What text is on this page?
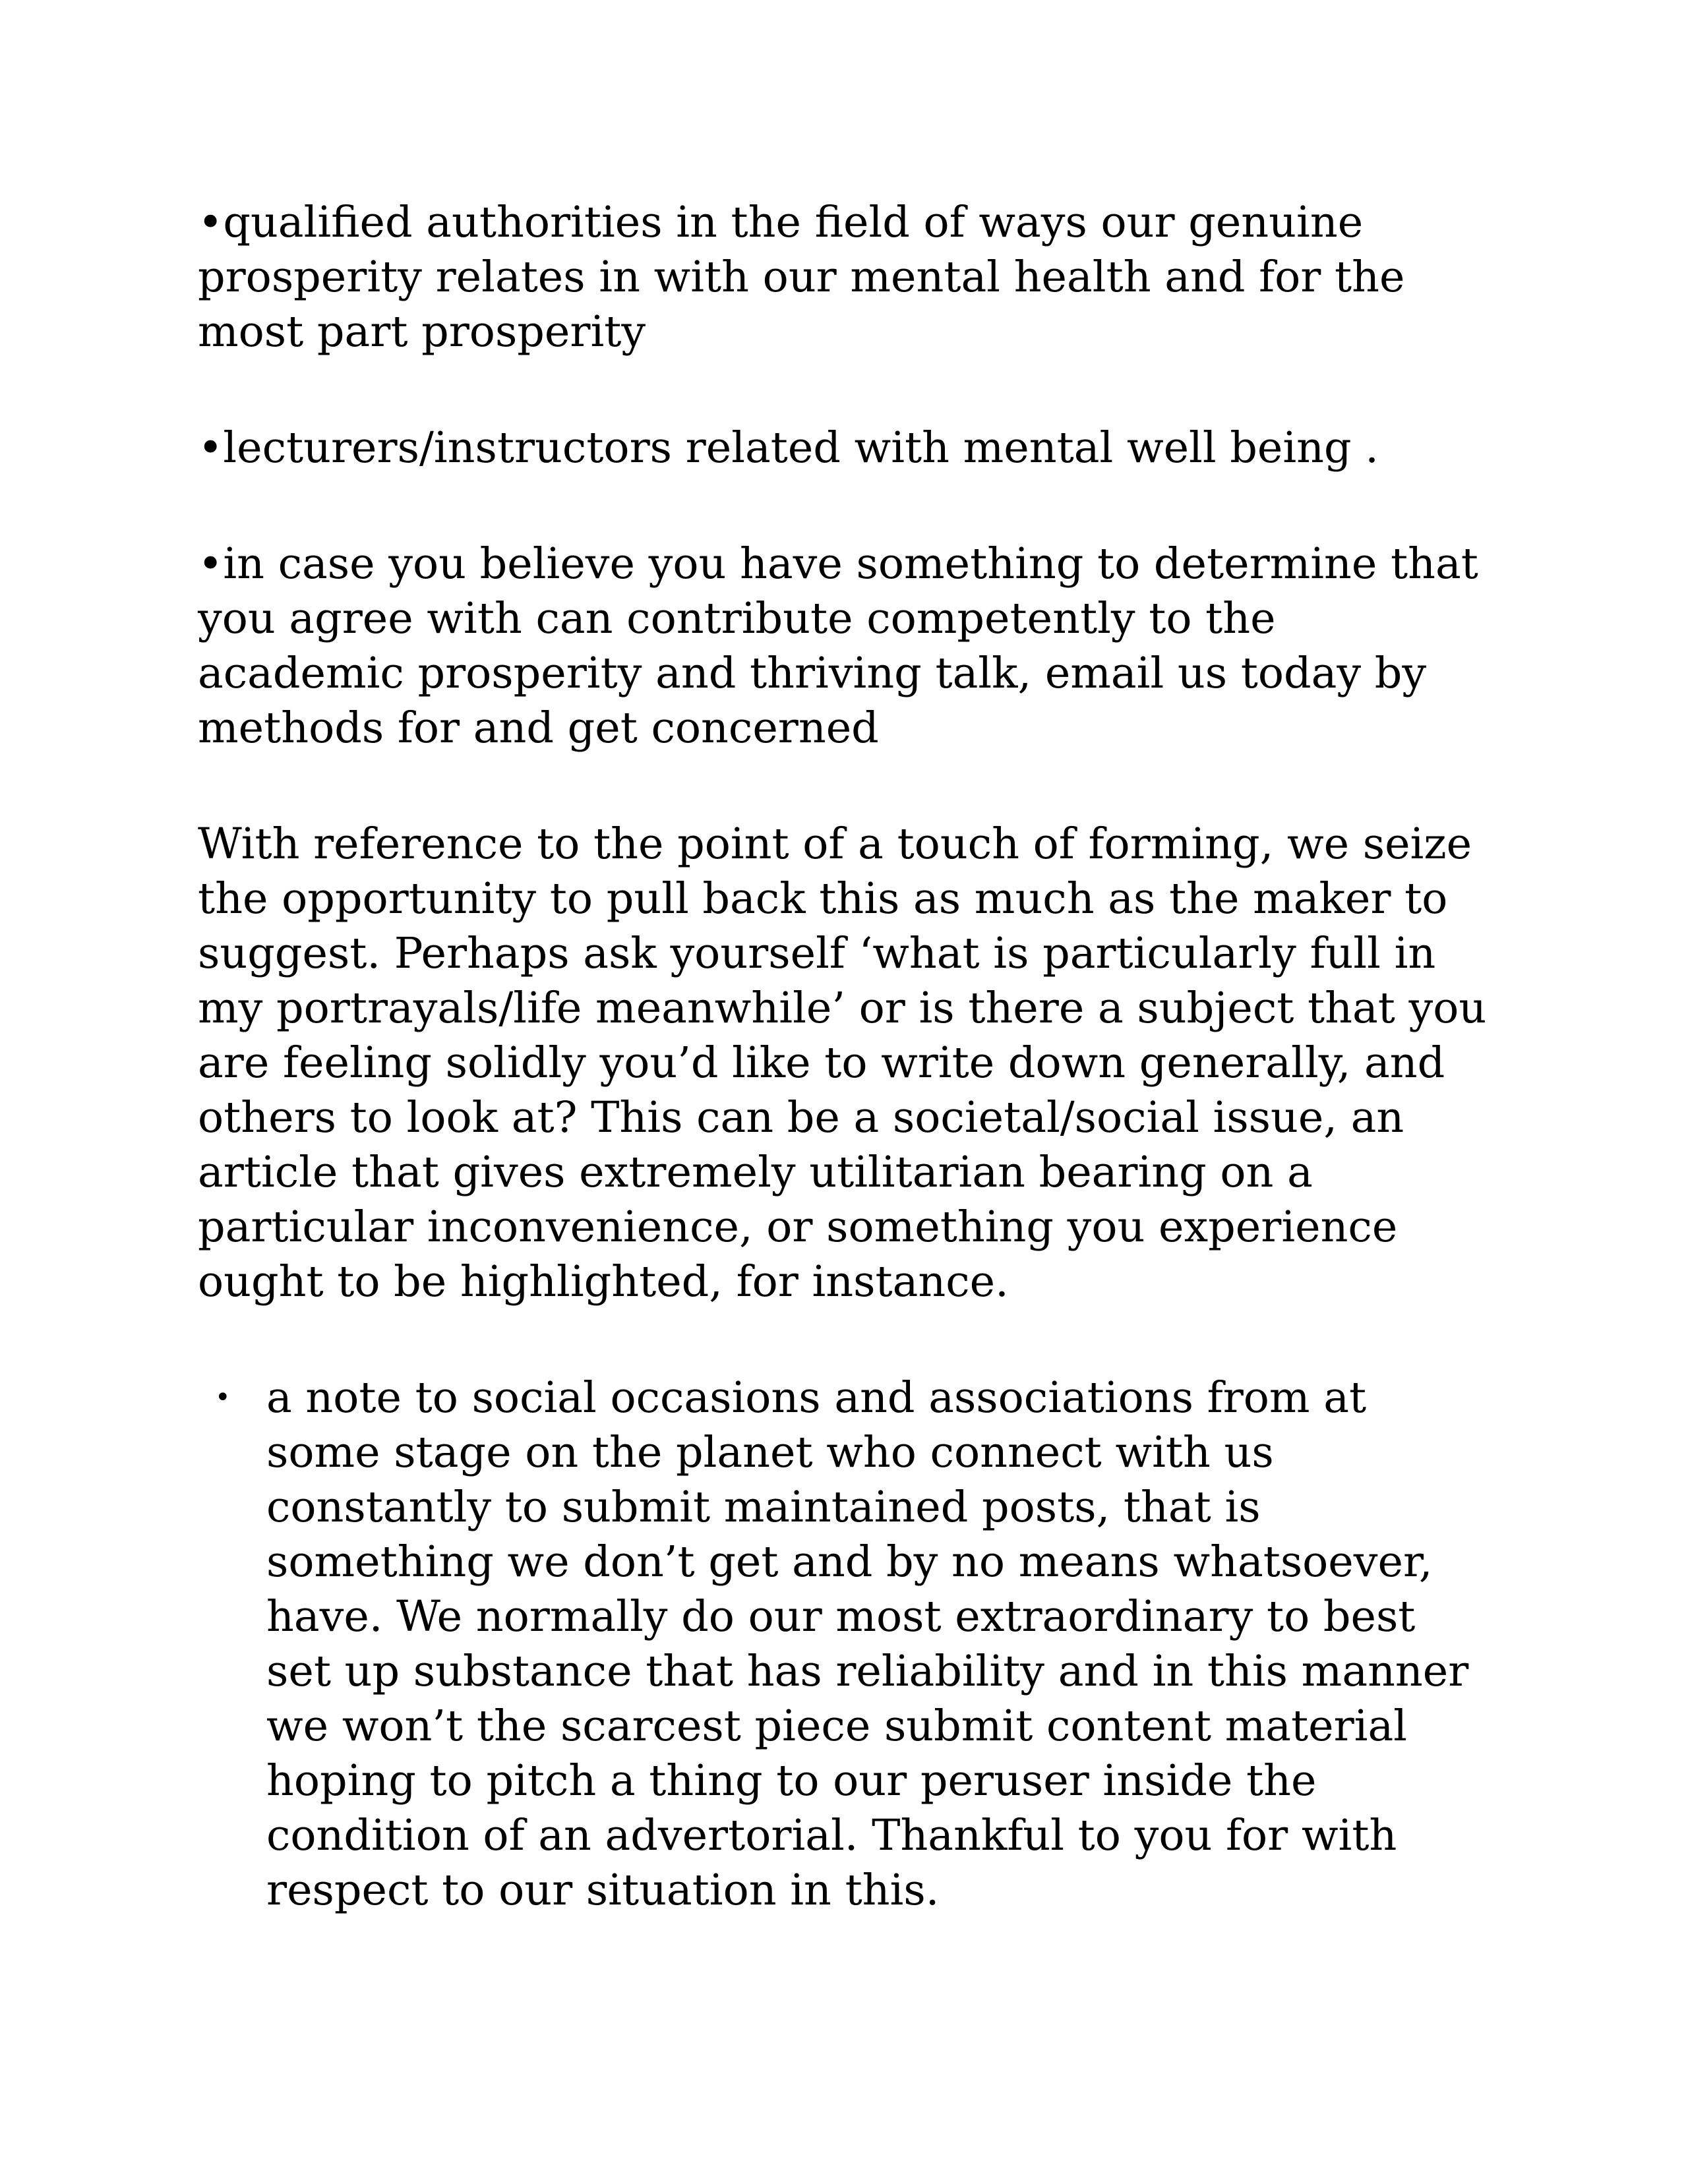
•qualified authorities in the field of ways our genuine prosperity relates in with our mental health and for the most part prosperity

•lecturers/instructors related with mental well being .

•in case you believe you have something to determine that you agree with can contribute competently to the academic prosperity and thriving talk, email us today by methods for and get concerned

With reference to the point of a touch of forming, we seize the opportunity to pull back this as much as the maker to suggest. Perhaps ask yourself ‘what is particularly full in my portrayals/life meanwhile’ or is there a subject that you are feeling solidly you’d like to write down generally, and others to look at? This can be a societal/social issue, an article that gives extremely utilitarian bearing on a particular inconvenience, or something you experience ought to be highlighted, for instance.

• a note to social occasions and associations from at some stage on the planet who connect with us constantly to submit maintained posts, that is something we don’t get and by no means whatsoever, have. We normally do our most extraordinary to best set up substance that has reliability and in this manner we won’t the scarcest piece submit content material hoping to pitch a thing to our peruser inside the condition of an advertorial. Thankful to you for with respect to our situation in this.
